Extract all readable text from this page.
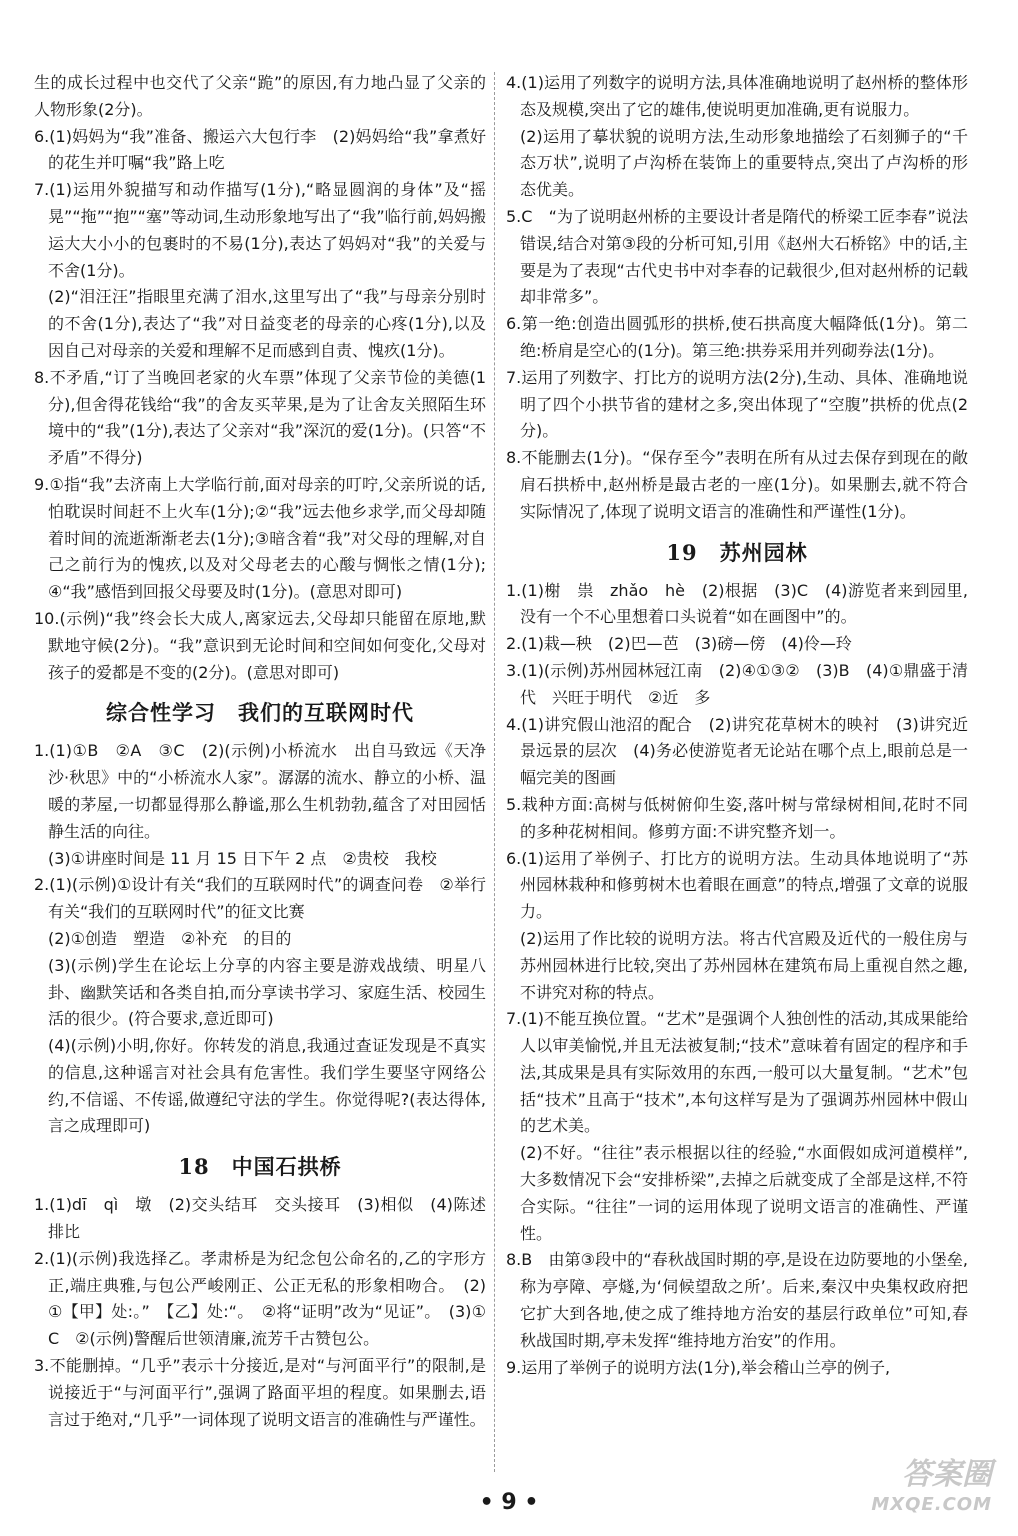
生的成长过程中也交代了父亲“跪”的原因,有力地凸显了父亲的人物形象(2分)。

6.(1)妈妈为“我”准备、搬运六大包行李　(2)妈妈给“我”拿煮好的花生并叮嘱“我”路上吃

7.(1)运用外貌描写和动作描写(1分),“略显圆润的身体”及“摇晃”“拖”“抱”“塞”等动词,生动形象地写出了“我”临行前,妈妈搬运大大小小的包裹时的不易(1分),表达了妈妈对“我”的关爱与不舍(1分)。

(2)“泪汪汪”指眼里充满了泪水,这里写出了“我”与母亲分别时的不舍(1分),表达了“我”对日益变老的母亲的心疼(1分),以及因自己对母亲的关爱和理解不足而感到自责、愧疚(1分)。

8.不矛盾,“订了当晚回老家的火车票”体现了父亲节俭的美德(1分),但舍得花钱给“我”的舍友买苹果,是为了让舍友关照陌生环境中的“我”(1分),表达了父亲对“我”深沉的爱(1分)。(只答“不矛盾”不得分)

9.①指“我”去济南上大学临行前,面对母亲的叮咛,父亲所说的话,怕耽误时间赶不上火车(1分);②“我”远去他乡求学,而父母却随着时间的流逝渐渐老去(1分);③暗含着“我”对父母的理解,对自己之前行为的愧疚,以及对父母老去的心酸与惆怅之情(1分);④“我”感悟到回报父母要及时(1分)。(意思对即可)

10.(示例)“我”终会长大成人,离家远去,父母却只能留在原地,默默地守候(2分)。“我”意识到无论时间和空间如何变化,父母对孩子的爱都是不变的(2分)。(意思对即可)

综合性学习　我们的互联网时代

1.(1)①B　②A　③C　(2)(示例)小桥流水　出自马致远《天净沙·秋思》中的“小桥流水人家”。潺潺的流水、静立的小桥、温暖的茅屋,一切都显得那么静谧,那么生机勃勃,蕴含了对田园恬静生活的向往。

(3)①讲座时间是 11 月 15 日下午 2 点　②贵校　我校

2.(1)(示例)①设计有关“我们的互联网时代”的调查问卷　②举行有关“我们的互联网时代”的征文比赛

(2)①创造　塑造　②补充　的目的

(3)(示例)学生在论坛上分享的内容主要是游戏战绩、明星八卦、幽默笑话和各类自拍,而分享读书学习、家庭生活、校园生活的很少。(符合要求,意近即可)

(4)(示例)小明,你好。你转发的消息,我通过查证发现是不真实的信息,这种谣言对社会具有危害性。我们学生要坚守网络公约,不信谣、不传谣,做遵纪守法的学生。你觉得呢?(表达得体,言之成理即可)

18　中国石拱桥

1.(1)dī　qì　墩　(2)交头结耳　交头接耳　(3)相似　(4)陈述　排比

2.(1)(示例)我选择乙。孝肃桥是为纪念包公命名的,乙的字形方正,端庄典雅,与包公严峻刚正、公正无私的形象相吻合。　(2)①【甲】处:。”　【乙】处:“。　②将“证明”改为“见证”。　(3)①C　②(示例)警醒后世领清廉,流芳千古赞包公。

3.不能删掉。“几乎”表示十分接近,是对“与河面平行”的限制,是说接近于“与河面平行”,强调了路面平坦的程度。如果删去,语言过于绝对,“几乎”一词体现了说明文语言的准确性与严谨性。

4.(1)运用了列数字的说明方法,具体准确地说明了赵州桥的整体形态及规模,突出了它的雄伟,使说明更加准确,更有说服力。

(2)运用了摹状貌的说明方法,生动形象地描绘了石刻狮子的“千态万状”,说明了卢沟桥在装饰上的重要特点,突出了卢沟桥的形态优美。

5.C　“为了说明赵州桥的主要设计者是隋代的桥梁工匠李春”说法错误,结合对第③段的分析可知,引用《赵州大石桥铭》中的话,主要是为了表现“古代史书中对李春的记载很少,但对赵州桥的记载却非常多”。

6.第一绝:创造出圆弧形的拱桥,使石拱高度大幅降低(1分)。第二绝:桥肩是空心的(1分)。第三绝:拱券采用并列砌券法(1分)。

7.运用了列数字、打比方的说明方法(2分),生动、具体、准确地说明了四个小拱节省的建材之多,突出体现了“空腹”拱桥的优点(2分)。

8.不能删去(1分)。“保存至今”表明在所有从过去保存到现在的敞肩石拱桥中,赵州桥是最古老的一座(1分)。如果删去,就不符合实际情况了,体现了说明文语言的准确性和严谨性(1分)。

19　苏州园林

1.(1)榭　祟　zhǎo　hè　(2)根据　(3)C　(4)游览者来到园里,没有一个不心里想着口头说着“如在画图中”的。

2.(1)栽—秧　(2)巴—芭　(3)磅—傍　(4)伶—玲

3.(1)(示例)苏州园林冠江南　(2)④①③②　(3)B　(4)①鼎盛于清代　兴旺于明代　②近　多

4.(1)讲究假山池沼的配合　(2)讲究花草树木的映衬　(3)讲究近景远景的层次　(4)务必使游览者无论站在哪个点上,眼前总是一幅完美的图画

5.栽种方面:高树与低树俯仰生姿,落叶树与常绿树相间,花时不同的多种花树相间。修剪方面:不讲究整齐划一。

6.(1)运用了举例子、打比方的说明方法。生动具体地说明了“苏州园林栽种和修剪树木也着眼在画意”的特点,增强了文章的说服力。

(2)运用了作比较的说明方法。将古代宫殿及近代的一般住房与苏州园林进行比较,突出了苏州园林在建筑布局上重视自然之趣,不讲究对称的特点。

7.(1)不能互换位置。“艺术”是强调个人独创性的活动,其成果能给人以审美愉悦,并且无法被复制;“技术”意味着有固定的程序和手法,其成果是具有实际效用的东西,一般可以大量复制。“艺术”包括“技术”且高于“技术”,本句这样写是为了强调苏州园林中假山的艺术美。

(2)不好。“往往”表示根据以往的经验,“水面假如成河道模样”,大多数情况下会“安排桥梁”,去掉之后就变成了全部是这样,不符合实际。“往往”一词的运用体现了说明文语言的准确性、严谨性。

8.B　由第③段中的“春秋战国时期的亭,是设在边防要地的小堡垒,称为亭障、亭燧,为‘伺候望敌之所’。后来,秦汉中央集权政府把它扩大到各地,使之成了维持地方治安的基层行政单位”可知,春秋战国时期,亭未发挥“维持地方治安”的作用。

9.运用了举例子的说明方法(1分),举会稽山兰亭的例子,

• 9 •
答案圈
MXQE.COM
